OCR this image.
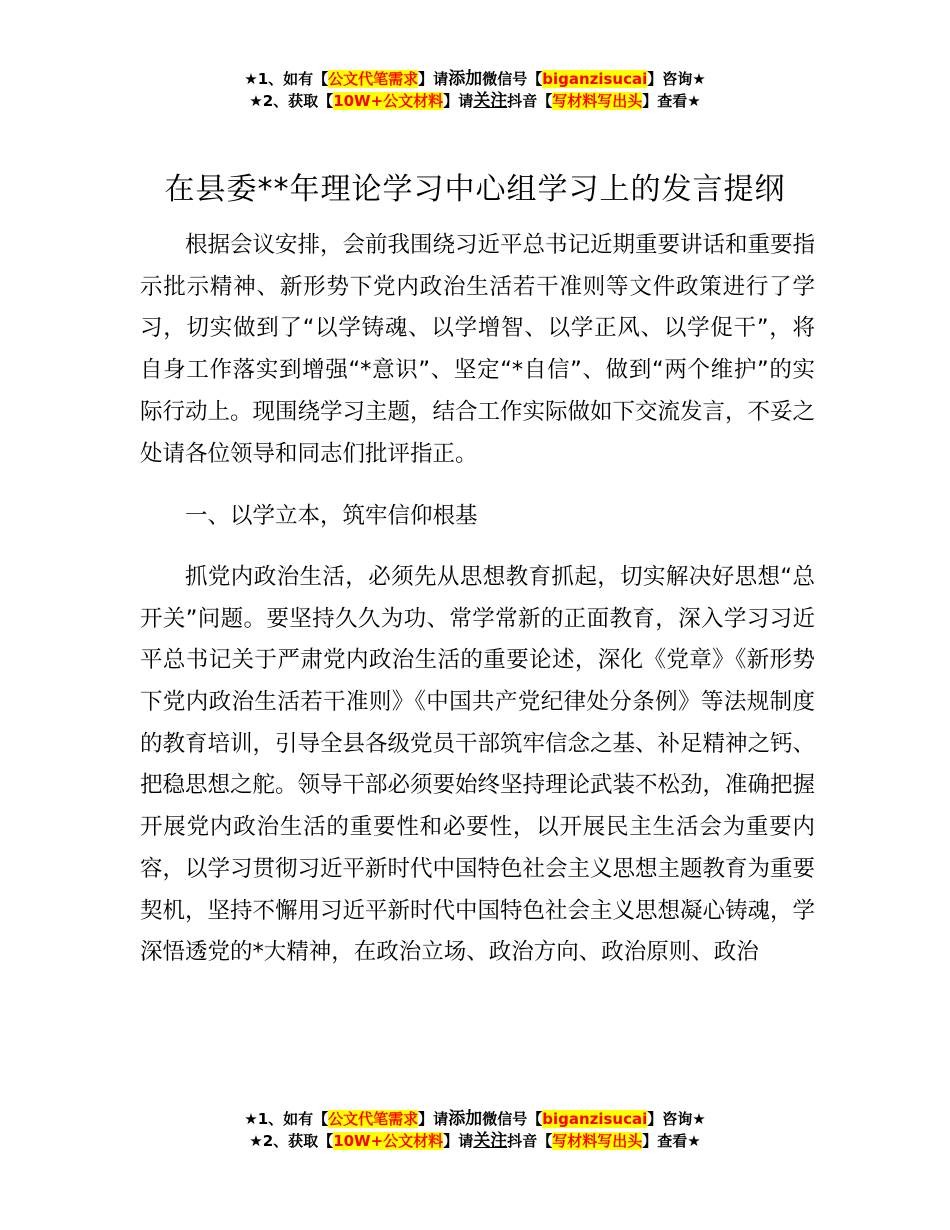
★1、如有【公文代笔需求】请添加微信号【biganzisucai】咨询★
★2、获取【10W+公文材料】请关注抖音【写材料写出头】查看★
在县委**年理论学习中心组学习上的发言提纲

根据会议安排，会前我围绕习近平总书记近期重要讲话和重要指示批示精神、新形势下党内政治生活若干准则等文件政策进行了学习，切实做到了“以学铸魂、以学增智、以学正风、以学促干”，将自身工作落实到增强“*意识”、坚定“*自信”、做到“两个维护”的实际行动上。现围绕学习主题，结合工作实际做如下交流发言，不妥之处请各位领导和同志们批评指正。

一、以学立本，筑牢信仰根基

抓党内政治生活，必须先从思想教育抓起，切实解决好思想“总开关”问题。要坚持久久为功、常学常新的正面教育，深入学习习近平总书记关于严肃党内政治生活的重要论述，深化《党章》《新形势下党内政治生活若干准则》《中国共产党纪律处分条例》等法规制度的教育培训，引导全县各级党员干部筑牢信念之基、补足精神之钙、把稳思想之舵。领导干部必须要始终坚持理论武装不松劲，准确把握开展党内政治生活的重要性和必要性，以开展民主生活会为重要内容，以学习贯彻习近平新时代中国特色社会主义思想主题教育为重要契机，坚持不懈用习近平新时代中国特色社会主义思想凝心铸魂，学深悟透党的*大精神，在政治立场、政治方向、政治原则、政治

★1、如有【公文代笔需求】请添加微信号【biganzisucai】咨询★
★2、获取【10W+公文材料】请关注抖音【写材料写出头】查看★
